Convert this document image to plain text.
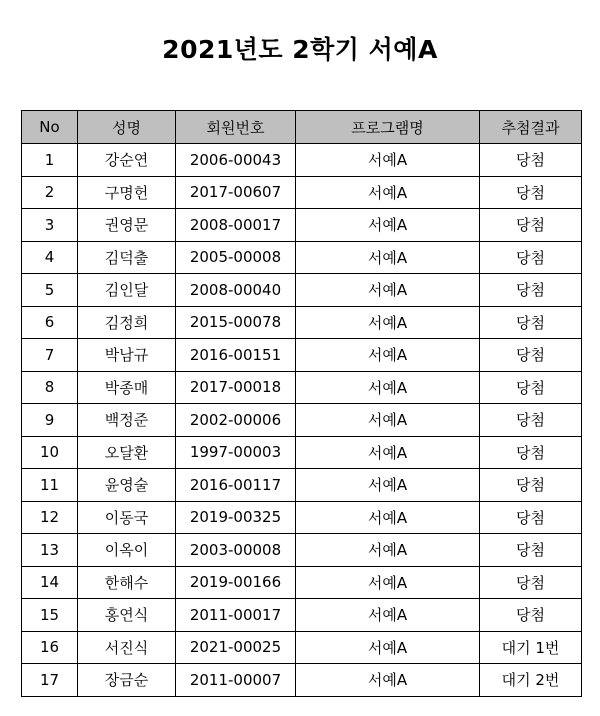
2021년도 2학기 서예A
No	성명	회원번호	프로그램명	추첨결과
1	강순연	2006-00043	서예A	당첨
2	구명헌	2017-00607	서예A	당첨
3	권영문	2008-00017	서예A	당첨
4	김덕출	2005-00008	서예A	당첨
5	김인달	2008-00040	서예A	당첨
6	김정희	2015-00078	서예A	당첨
7	박남규	2016-00151	서예A	당첨
8	박종매	2017-00018	서예A	당첨
9	백정준	2002-00006	서예A	당첨
10	오달환	1997-00003	서예A	당첨
11	윤영술	2016-00117	서예A	당첨
12	이동국	2019-00325	서예A	당첨
13	이옥이	2003-00008	서예A	당첨
14	한해수	2019-00166	서예A	당첨
15	홍연식	2011-00017	서예A	당첨
16	서진식	2021-00025	서예A	대기 1번
17	장금순	2011-00007	서예A	대기 2번
